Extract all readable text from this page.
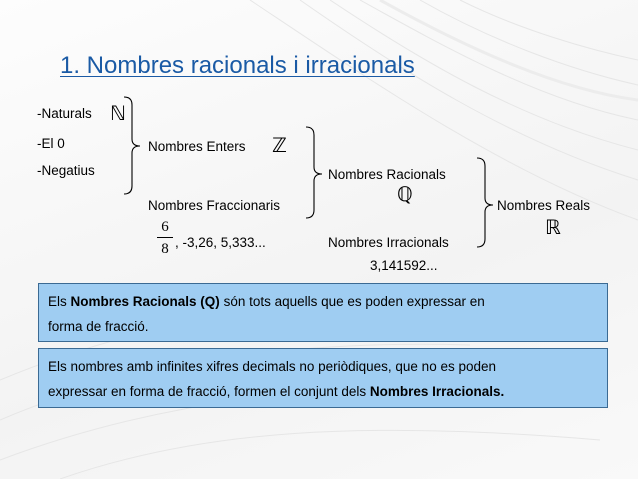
1. Nombres racionals i irracionals
-Naturals ℕ
-El 0
-Negatius
Nombres Enters ℤ
Nombres Fraccionaris
6
8 , -3,26, 5,333...
Nombres Racionals
ℚ
Nombres Irracionals
3,141592...
Nombres Reals
ℝ

Els Nombres Racionals (Q) són tots aquells que es poden expressar en

forma de fracció.

Els nombres amb infinites xifres decimals no periòdiques, que no es poden

expressar en forma de fracció, formen el conjunt dels Nombres Irracionals.
